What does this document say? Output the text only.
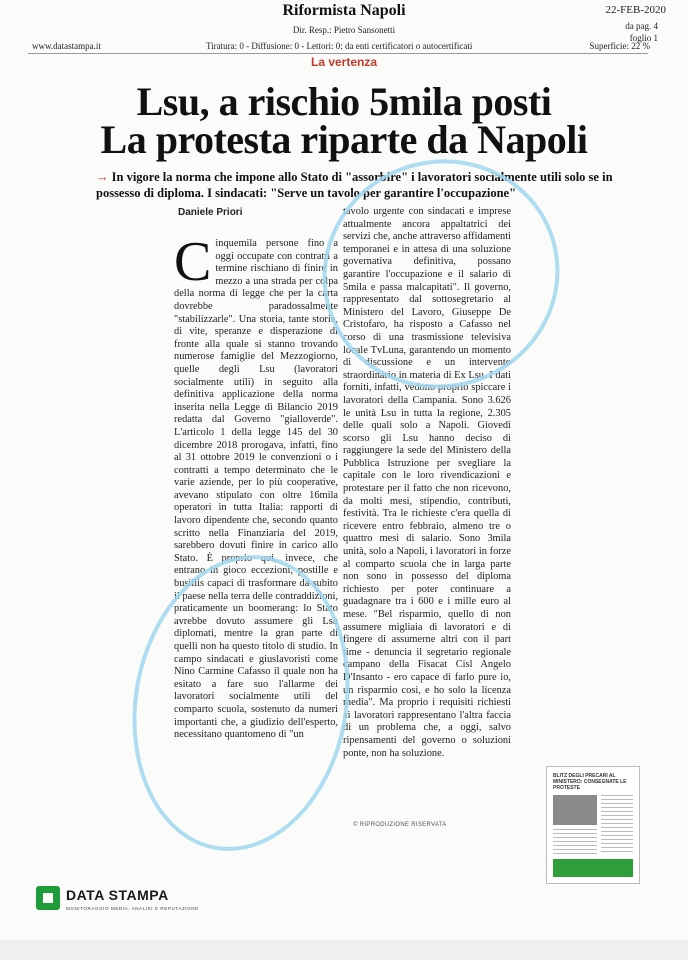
Riformista Napoli	22-FEB-2020
da pag. 4
foglio 1
Dir. Resp.: Pietro Sansonetti
www.datastampa.it	Tiratura: 0 - Diffusione: 0 - Lettori: 0: da enti certificatori o autocertificati	Superficie: 22 %
La vertenza
Lsu, a rischio 5mila posti
La protesta riparte da Napoli
→ In vigore la norma che impone allo Stato di "assorbire" i lavoratori socialmente utili solo se in possesso di diploma. I sindacati: "Serve un tavolo per garantire l'occupazione"
Daniele Priori
Cinquemila persone fino a oggi occupate con contratti a termine rischiano di finire in mezzo a una strada per colpa della norma di legge che per la carta dovrebbe paradossalmente "stabilizzarle". Una storia, tante storie, di vite, speranze e disperazione di fronte alla quale si stanno trovando numerose famiglie del Mezzogiorno, quelle degli Lsu (lavoratori socialmente utili) in seguito alla definitiva applicazione della norma inserita nella Legge di Bilancio 2019 redatta dal Governo "gialloverde". L'articolo 1 della legge 145 del 30 dicembre 2018 prorogava, infatti, fino al 31 ottobre 2019 le convenzioni o i contratti a tempo determinato che le varie aziende, per lo più cooperative, avevano stipulato con oltre 16mila operatori in tutta Italia: rapporti di lavoro dipendente che, secondo quanto scritto nella Finanziaria del 2019, sarebbero dovuti finire in carico allo Stato. È proprio qui, invece, che entrano in gioco eccezioni, postille e busillis capaci di trasformare da subito il paese nella terra delle contraddizioni, praticamente un boomerang: lo Stato avrebbe dovuto assumere gli Lsu diplomati, mentre la gran parte di quelli non ha questo titolo di studio. In campo sindacati e giuslavoristi come Nino Carmine Cafasso il quale non ha esitato a fare suo l'allarme dei lavoratori socialmente utili del comparto scuola, sostenuto da numeri importanti che, a giudizio dell'esperto, necessitano quantomeno di "un
tavolo urgente con sindacati e imprese attualmente ancora appaltatrici dei servizi che, anche attraverso affidamenti temporanei e in attesa di una soluzione governativa definitiva, possano garantire l'occupazione e il salario di 5mila e passa malcapitati". Il governo, rappresentato dal sottosegretario al Ministero del Lavoro, Giuseppe De Cristofaro, ha risposto a Cafasso nel corso di una trasmissione televisiva locale TvLuna, garantendo un momento di discussione e un intervento straordinario in materia di Ex Lsu. I dati forniti, infatti, vedono proprio spiccare i lavoratori della Campania. Sono 3.626 le unità Lsu in tutta la regione, 2.305 delle quali solo a Napoli. Giovedì scorso gli Lsu hanno deciso di raggiungere la sede del Ministero della Pubblica Istruzione per svegliare la capitale con le loro rivendicazioni e protestare per il fatto che non ricevono, da molti mesi, stipendio, contributi, festività. Tra le richieste c'era quella di ricevere entro febbraio, almeno tre o quattro mesi di salario. Sono 3mila unità, solo a Napoli, i lavoratori in forze al comparto scuola che in larga parte non sono in possesso del diploma richiesto per poter continuare a guadagnare tra i 600 e i mille euro al mese. "Bel risparmio, quello di non assumere migliaia di lavoratori e di fingere di assumerne altri con il part time - denuncia il segretario regionale campano della Fisacat Cisl Angelo D'Insanto - ero capace di farlo pure io, un risparmio così, e ho solo la licenza media". Ma proprio i requisiti richiesti ai lavoratori rappresentano l'altra faccia di un problema che, a oggi, salvo ripensamenti del governo o soluzioni ponte, non ha soluzione.
© RIPRODUZIONE RISERVATA
BLITZ DEGLI PRECARI AL MINISTERO: CONSEGNATE LE PROTESTE
DATA STAMPA
MONITORAGGIO MEDIA, ANALISI E REPUTAZIONE
